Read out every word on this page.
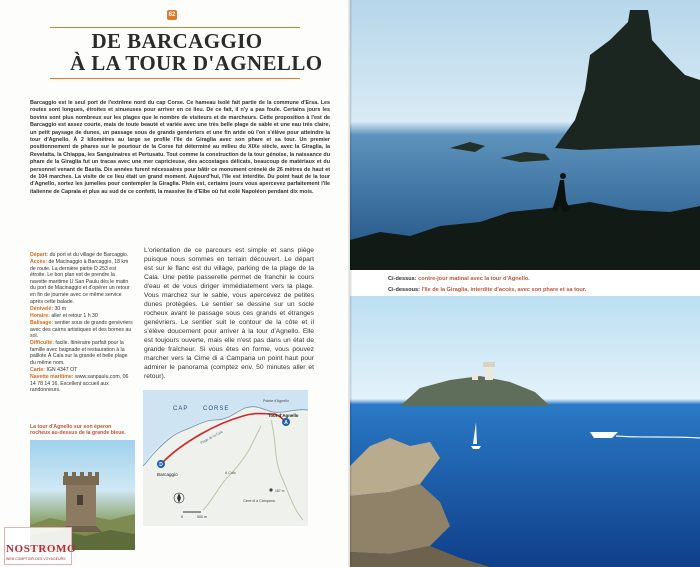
62
DE BARCAGGIO
À LA TOUR D'AGNELLO

Barcaggio est le seul port de l'extrême nord du cap Corse. Ce hameau isolé fait partie de la commune d'Ersa. Les routes sont longues, étroites et sinueuses pour arriver en ce lieu. De ce fait, il n'y a pas foule. Certains jours les bovins sont plus nombreux sur les plages que le nombre de visiteurs et de marcheurs. Cette proposition à l'est de Barcaggio est assez courte, mais de toute beauté et variée avec une très belle plage de sable et une eau très claire, un petit paysage de dunes, un passage sous de grands genévriers et une fin aride où l'on s'élève pour atteindre la tour d'Agnello. À 2 kilomètres au large se profile l'île de Giraglia avec son phare et sa tour. Un premier positionnement de phares sur le pourtour de la Corse fut déterminé au milieu du XIXe siècle, avec la Giraglia, la Revelatta, la Chiappa, les Sanguinaires et Pertusatu. Tout comme la construction de la tour génoise, la naissance du phare de la Giraglia fut un tracas avec une mer capricieuse, des accostages délicats, beaucoup de matériaux et du personnel venant de Bastia. Dix années furent nécessaires pour bâtir ce monument crénelé de 26 mètres de haut et de 104 marches. La visite de ce lieu était un grand moment. Aujourd'hui, l'île est interdite. Du point haut de la tour d'Agnello, sortez les jumelles pour contempler la Giraglia. Plein est, certains jours vous apercevez parfaitement l'île italienne de Capraia et plus au sud de ce confetti, la massive île d'Elbe où fut exilé Napoléon pendant dix mois.

Départ: du port et du village de Barcaggio.
Accès: de Macinaggio à Barcaggio, 18 km de route. La dernière partie D 253 est étroite. Le bon plan est de prendre la navette maritime U San Paulu dès le matin du port de Macinaggio et d'opérer un retour en fin de journée avec ce même service après cette balade.
Dénivelé: 30 m
Horaire: aller et retour 1 h 30
Balisage: sentier sous de grands genévriers avec des cairns artistiques et des bornes au sol.
Difficulté: facile. Itinéraire parfait pour la famille avec baignade et restauration à la paillote À Cala sur la grande et belle plage du même nom.
Carte: IGN 4347 OT
Navette maritime: www.sanpaulu.com, 06 14 78 14 16. Excellent accueil aux randonneurs.

La tour d'Agnello sur son éperon rocheux au-dessus de la grande bleue.

L'orientation de ce parcours est simple et sans piège puisque nous sommes en terrain découvert. Le départ est sur le flanc est du village, parking de la plage de la Cala. Une petite passerelle permet de franchir le cours d'eau et de vous diriger immédiatement vers la plage. Vous marchez sur le sable, vous apercevez de petites dunes protégées. Le sentier se dessine sur un socle rocheux avant le passage sous ces grands et étranges genévriers. Le sentier suit le contour de la côte et il s'élève doucement pour arriver à la tour d'Agnello. Elle est toujours ouverte, mais elle n'est pas dans un état de grande fraîcheur. Si vous êtes en forme, vous pouvez marcher vers la Cime di a Campana un point haut pour admirer le panorama (comptez env. 50 minutes aller et retour).

D
A
CAP CORSE
Pointe d'Agnello
Tour d'Agnello
Barcaggio
Plage de la Cala
A Cala
Cime di a Campana
187 m
0	500 m
NOSTROMO
WEB COMPTOIR DES VOYAGEURS
Ci-dessus: contre-jour matinal avec la tour d'Agnello.
Ci-dessous: l'île de la Giraglia, interdite d'accès, avec son phare et sa tour.
